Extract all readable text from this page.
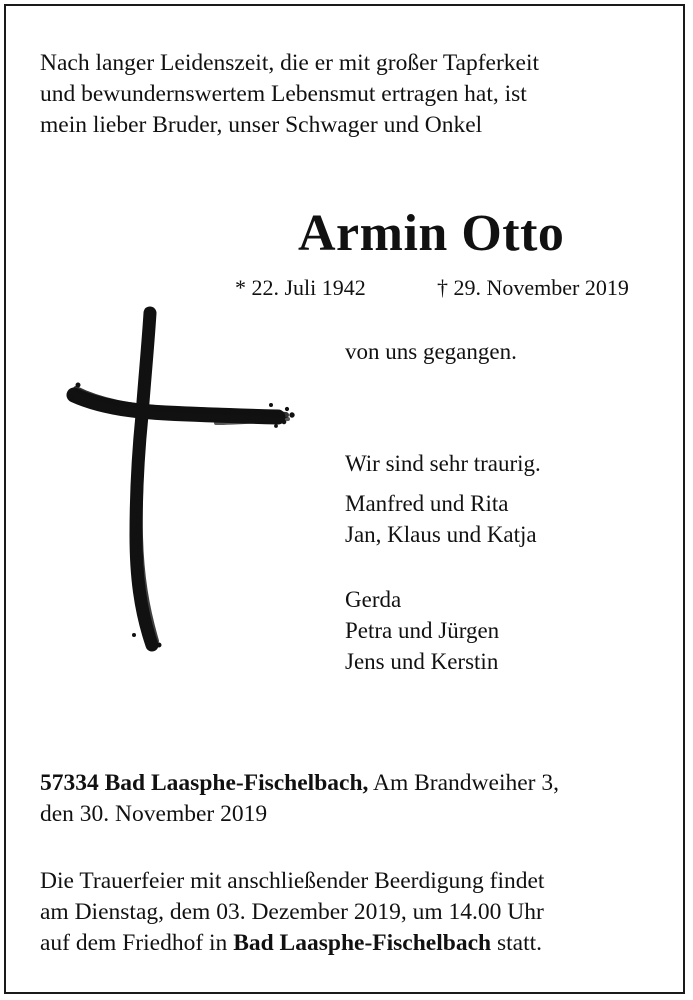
Nach langer Leidenszeit, die er mit großer Tapferkeit
und bewundernswertem Lebensmut ertragen hat, ist
mein lieber Bruder, unser Schwager und Onkel
Armin Otto
* 22. Juli 1942	† 29. November 2019
von uns gegangen.
Wir sind sehr traurig.
Manfred und Rita
Jan, Klaus und Katja
Gerda
Petra und Jürgen
Jens und Kerstin
57334 Bad Laasphe-Fischelbach, Am Brandweiher 3,
den 30. November 2019
Die Trauerfeier mit anschließender Beerdigung findet
am Dienstag, dem 03. Dezember 2019, um 14.00 Uhr
auf dem Friedhof in Bad Laasphe-Fischelbach statt.
